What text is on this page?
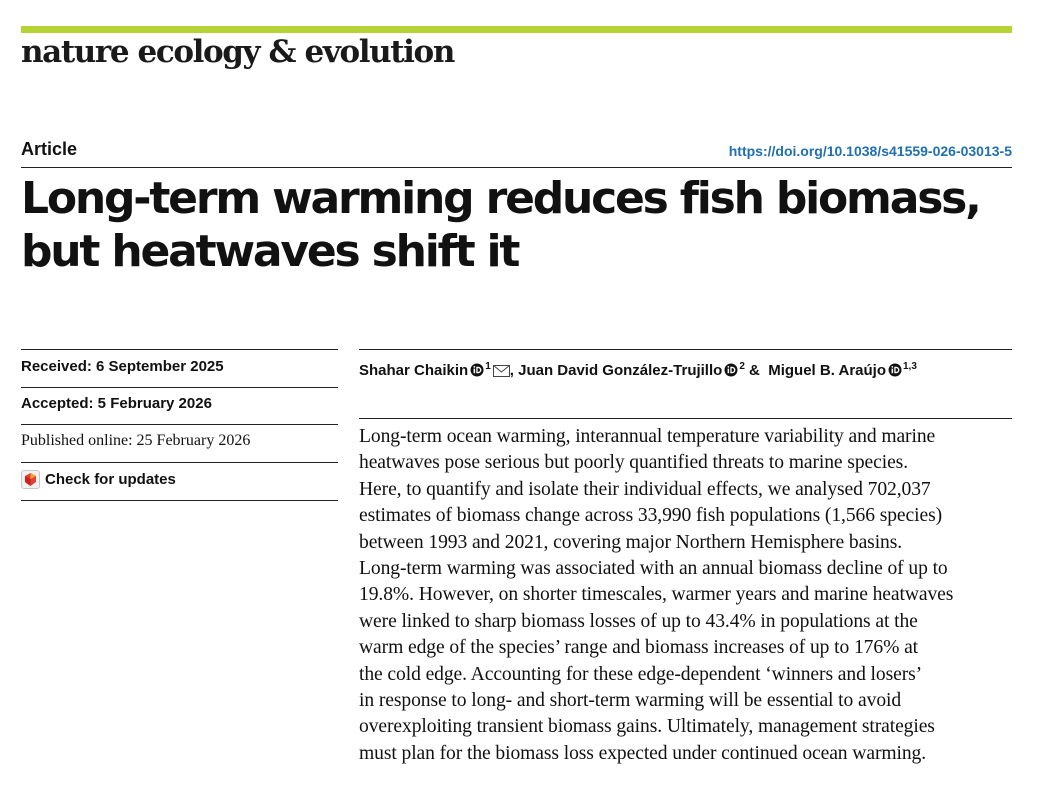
nature ecology & evolution
Article	https://doi.org/10.1038/s41559-026-03013-5
Long-term warming reduces fish biomass,
but heatwaves shift it
Received: 6 September 2025
Accepted: 5 February 2026
Published online: 25 February 2026
Check for updates
Shahar Chaikin $^1$ , Juan David González-Trujillo $^2$ &  Miguel B. Araújo $^{1,3}$

Long-term ocean warming, interannual temperature variability and marine
heatwaves pose serious but poorly quantified threats to marine species.
Here, to quantify and isolate their individual effects, we analysed 702,037
estimates of biomass change across 33,990 fish populations (1,566 species)
between 1993 and 2021, covering major Northern Hemisphere basins.
Long-term warming was associated with an annual biomass decline of up to
19.8%. However, on shorter timescales, warmer years and marine heatwaves
were linked to sharp biomass losses of up to 43.4% in populations at the
warm edge of the species’ range and biomass increases of up to 176% at
the cold edge. Accounting for these edge-dependent ‘winners and losers’
in response to long- and short-term warming will be essential to avoid
overexploiting transient biomass gains. Ultimately, management strategies
must plan for the biomass loss expected under continued ocean warming.
